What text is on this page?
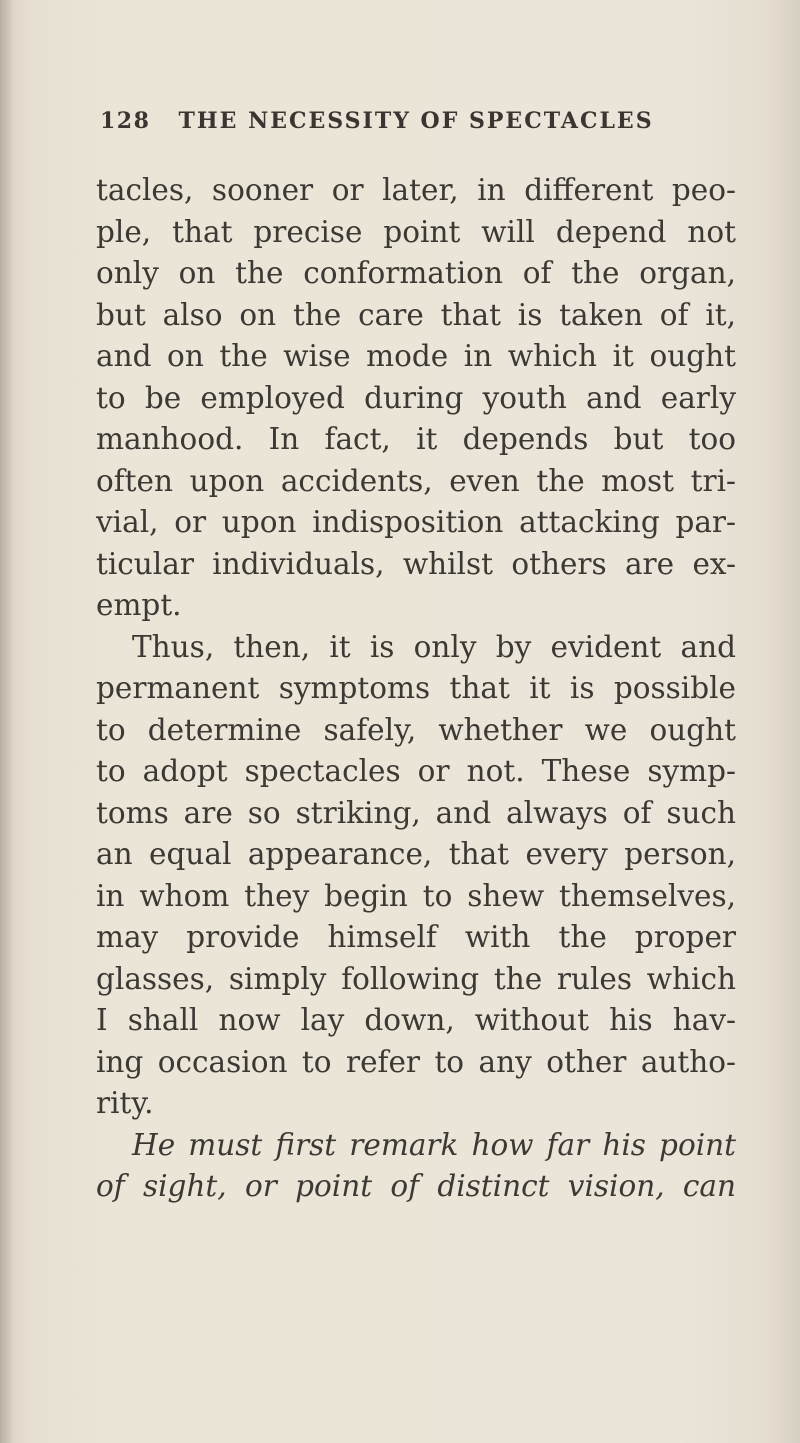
128 THE NECESSITY OF SPECTACLES
tacles, sooner or later, in different peo-
ple, that precise point will depend not
only on the conformation of the organ,
but also on the care that is taken of it,
and on the wise mode in which it ought
to be employed during youth and early
manhood. In fact, it depends but too
often upon accidents, even the most tri-
vial, or upon indisposition attacking par-
ticular individuals, whilst others are ex-
empt.
Thus, then, it is only by evident and
permanent symptoms that it is possible
to determine safely, whether we ought
to adopt spectacles or not. These symp-
toms are so striking, and always of such
an equal appearance, that every person,
in whom they begin to shew themselves,
may provide himself with the proper
glasses, simply following the rules which
I shall now lay down, without his hav-
ing occasion to refer to any other autho-
rity.
He must first remark how far his point
of sight, or point of distinct vision, can
